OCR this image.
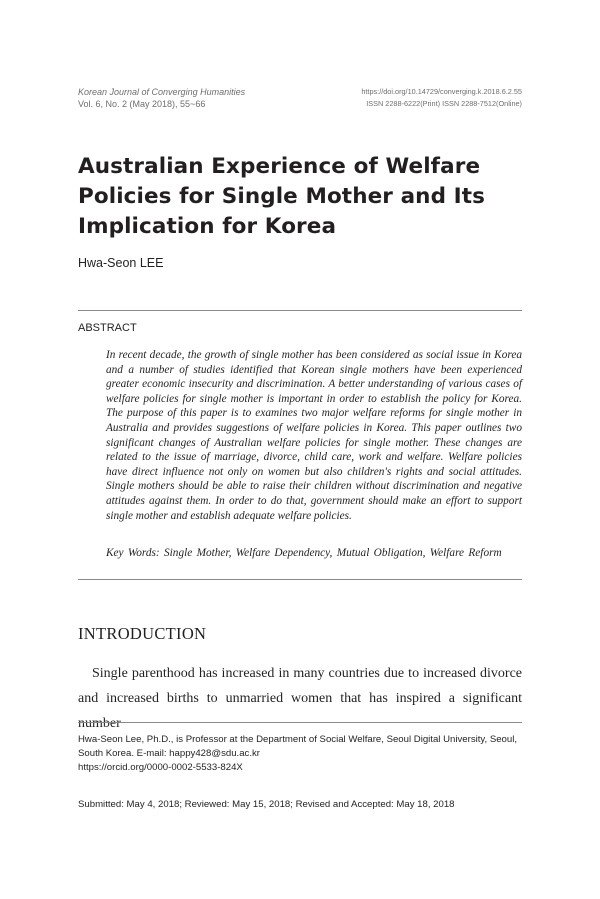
Korean Journal of Converging Humanities
Vol. 6, No. 2 (May 2018), 55~66
https://doi.org/10.14729/converging.k.2018.6.2.55
ISSN 2288-6222(Print) ISSN 2288-7512(Online)
Australian Experience of Welfare Policies for Single Mother and Its Implication for Korea
Hwa-Seon LEE
ABSTRACT

In recent decade, the growth of single mother has been considered as social issue in Korea and a number of studies identified that Korean single mothers have been experienced greater economic insecurity and discrimination. A better understanding of various cases of welfare policies for single mother is important in order to establish the policy for Korea. The purpose of this paper is to examines two major welfare reforms for single mother in Australia and provides suggestions of welfare policies in Korea. This paper outlines two significant changes of Australian welfare policies for single mother. These changes are related to the issue of marriage, divorce, child care, work and welfare. Welfare policies have direct influence not only on women but also children's rights and social attitudes. Single mothers should be able to raise their children without discrimination and negative attitudes against them. In order to do that, government should make an effort to support single mother and establish adequate welfare policies.

Key Words: Single Mother, Welfare Dependency, Mutual Obligation, Welfare Reform
INTRODUCTION

Single parenthood has increased in many countries due to increased divorce and increased births to unmarried women that has inspired a significant number

Hwa-Seon Lee, Ph.D., is Professor at the Department of Social Welfare, Seoul Digital University, Seoul, South Korea. E-mail: happy428@sdu.ac.kr

https://orcid.org/0000-0002-5533-824X

Submitted: May 4, 2018; Reviewed: May 15, 2018; Revised and Accepted: May 18, 2018
